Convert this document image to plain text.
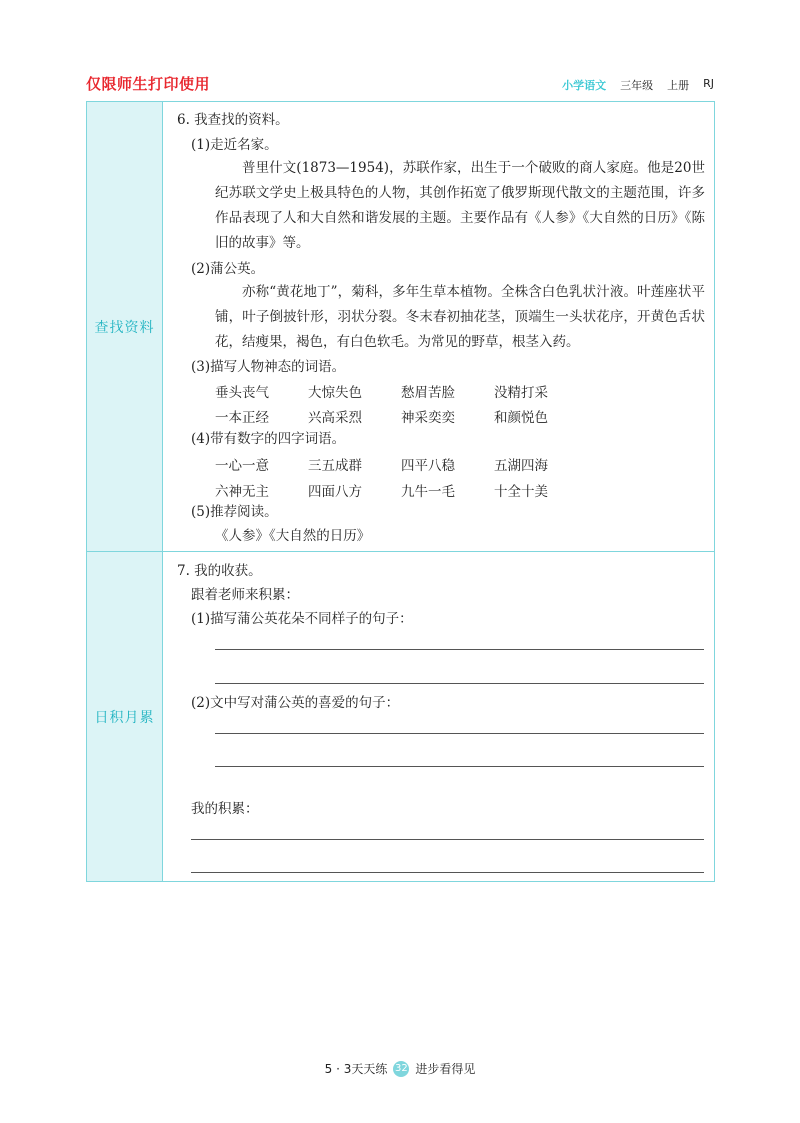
仅限师生打印使用	小学语文 三年级 上册 RJ
查找资料
6. 我查找的资料。
(1)走近名家。
普里什文(1873—1954)，苏联作家，出生于一个破败的商人家庭。他是20世纪苏联文学史上极具特色的人物，其创作拓宽了俄罗斯现代散文的主题范围，许多作品表现了人和大自然和谐发展的主题。主要作品有《人参》《大自然的日历》《陈旧的故事》等。
(2)蒲公英。
亦称“黄花地丁”，菊科，多年生草本植物。全株含白色乳状汁液。叶莲座状平铺，叶子倒披针形，羽状分裂。冬末春初抽花茎，顶端生一头状花序，开黄色舌状花，结瘦果，褐色，有白色软毛。为常见的野草，根茎入药。
(3)描写人物神态的词语。
垂头丧气	大惊失色	愁眉苦脸	没精打采
一本正经	兴高采烈	神采奕奕	和颜悦色
(4)带有数字的四字词语。
一心一意	三五成群	四平八稳	五湖四海
六神无主	四面八方	九牛一毛	十全十美
(5)推荐阅读。
《人参》《大自然的日历》
日积月累
7. 我的收获。
跟着老师来积累：
(1)描写蒲公英花朵不同样子的句子：
(2)文中写对蒲公英的喜爱的句子：
我的积累：
5 · 3天天练 32 进步看得见
